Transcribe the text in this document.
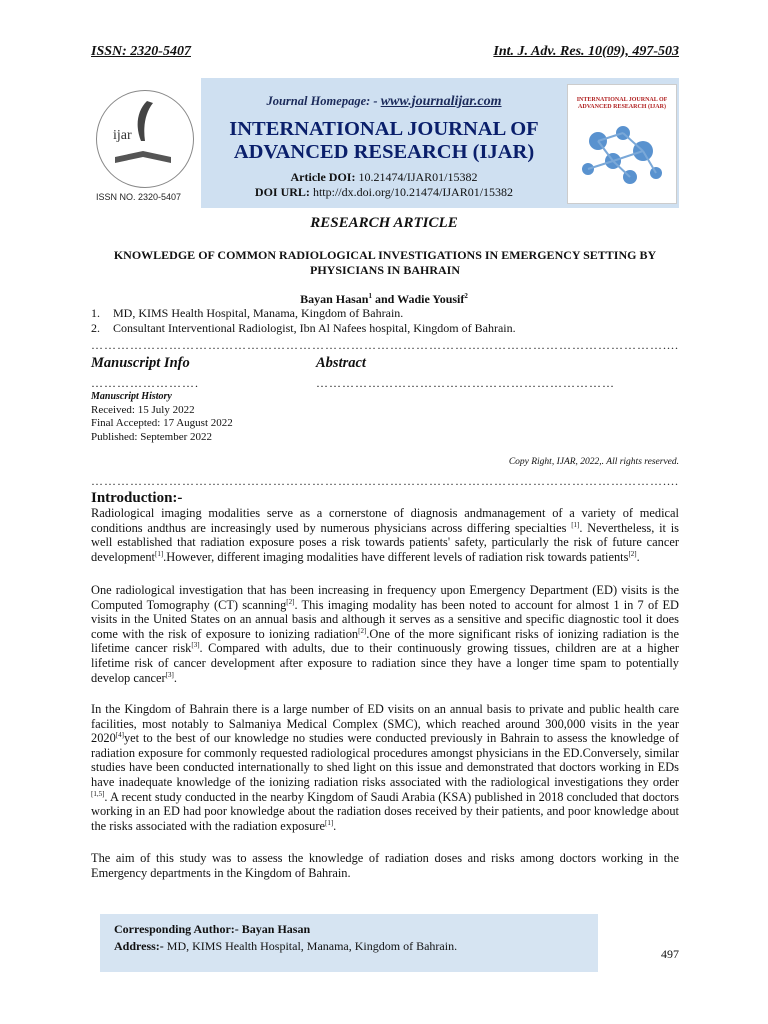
ISSN: 2320-5407	Int. J. Adv. Res. 10(09), 497-503
ijar
ISSN NO. 2320-5407
Journal Homepage: - www.journalijar.com
INTERNATIONAL JOURNAL OF
ADVANCED RESEARCH (IJAR)
Article DOI: 10.21474/IJAR01/15382
DOI URL: http://dx.doi.org/10.21474/IJAR01/15382
INTERNATIONAL JOURNAL OF ADVANCED RESEARCH (IJAR)
RESEARCH ARTICLE
KNOWLEDGE OF COMMON RADIOLOGICAL INVESTIGATIONS IN EMERGENCY SETTING BY PHYSICIANS IN BAHRAIN
Bayan Hasan$^1$ and Wadie Yousif$^2$
1. MD, KIMS Health Hospital, Manama, Kingdom of Bahrain.
2. Consultant Interventional Radiologist, Ibn Al Nafees hospital, Kingdom of Bahrain.
……………………………………………………………………………………………………………………....
Manuscript Info	Abstract
…………………….	……………………………………………………………
Manuscript History
Received: 15 July 2022
Final Accepted: 17 August 2022
Published: September 2022
Copy Right, IJAR, 2022,. All rights reserved.
……………………………………………………………………………………………………………………....
Introduction:-

Radiological imaging modalities serve as a cornerstone of diagnosis andmanagement of a variety of medical conditions andthus are increasingly used by numerous physicians across differing specialties [1]. Nevertheless, it is well established that radiation exposure poses a risk towards patients' safety, particularly the risk of future cancer development[1].However, different imaging modalities have different levels of radiation risk towards patients[2].

One radiological investigation that has been increasing in frequency upon Emergency Department (ED) visits is the Computed Tomography (CT) scanning[2]. This imaging modality has been noted to account for almost 1 in 7 of ED visits in the United States on an annual basis and although it serves as a sensitive and specific diagnostic tool it does come with the risk of exposure to ionizing radiation[2].One of the more significant risks of ionizing radiation is the lifetime cancer risk[3]. Compared with adults, due to their continuously growing tissues, children are at a higher lifetime risk of cancer development after exposure to radiation since they have a longer time spam to potentially develop cancer[3].

In the Kingdom of Bahrain there is a large number of ED visits on an annual basis to private and public health care facilities, most notably to Salmaniya Medical Complex (SMC), which reached around 300,000 visits in the year 2020[4]yet to the best of our knowledge no studies were conducted previously in Bahrain to assess the knowledge of radiation exposure for commonly requested radiological procedures amongst physicians in the ED.Conversely, similar studies have been conducted internationally to shed light on this issue and demonstrated that doctors working in EDs have inadequate knowledge of the ionizing radiation risks associated with the radiological investigations they order [1,5]. A recent study conducted in the nearby Kingdom of Saudi Arabia (KSA) published in 2018 concluded that doctors working in an ED had poor knowledge about the radiation doses received by their patients, and poor knowledge about the risks associated with the radiation exposure[1].

The aim of this study was to assess the knowledge of radiation doses and risks among doctors working in the Emergency departments in the Kingdom of Bahrain.

Corresponding Author:- Bayan Hasan
Address:- MD, KIMS Health Hospital, Manama, Kingdom of Bahrain.
497
